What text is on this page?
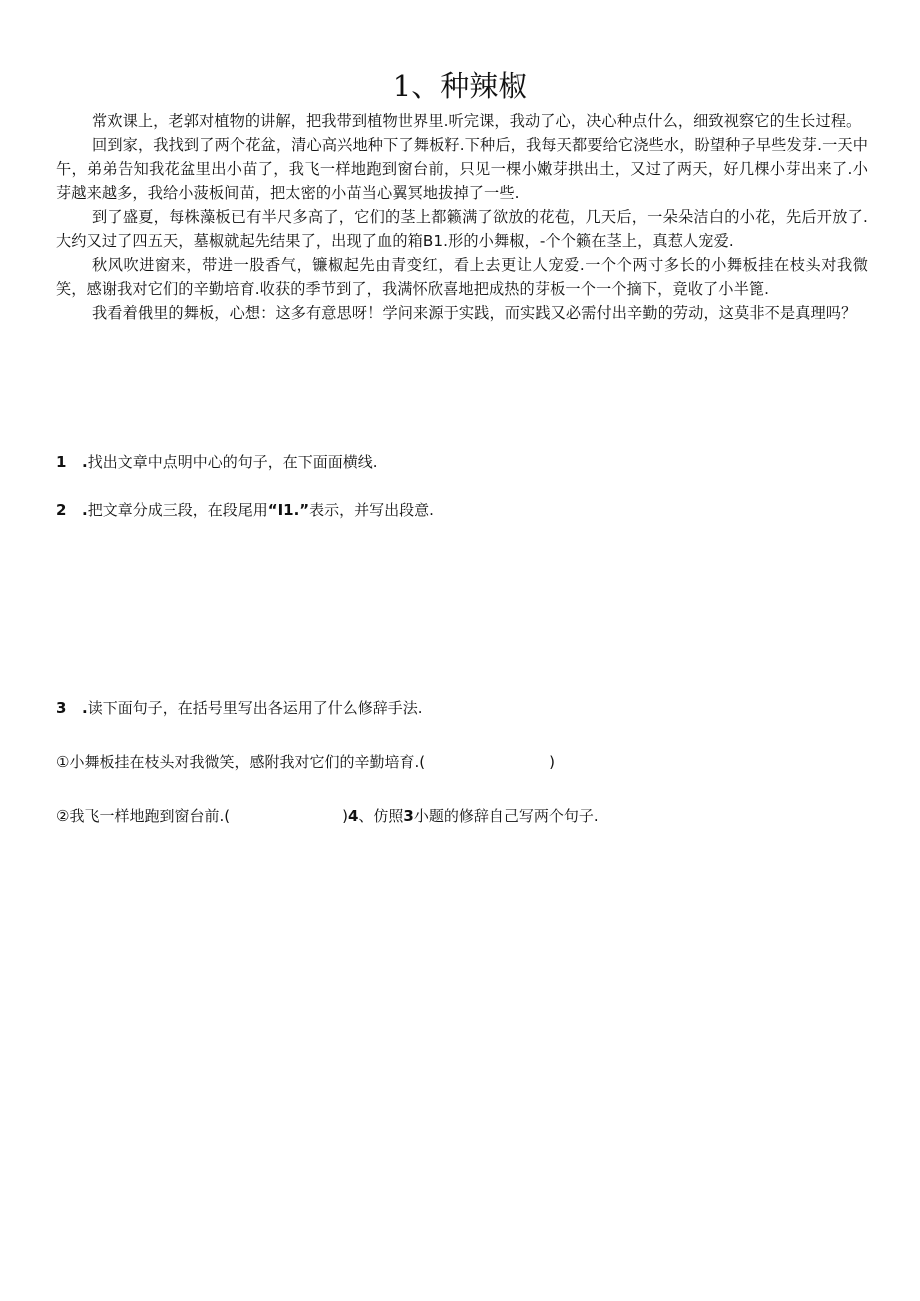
1、种辣椒

常欢课上，老郭对植物的讲解，把我带到植物世界里.听完课，我动了心，决心种点什么，细致视察它的生长过程。

回到家，我找到了两个花盆，清心高兴地种下了舞板籽.下种后，我每天都要给它浇些水，盼望种子早些发芽.一天中午，弟弟告知我花盆里出小苗了，我飞一样地跑到窗台前，只见一棵小嫩芽拱出土，又过了两天，好几棵小芽出来了.小芽越来越多，我给小菠板间苗，把太密的小苗当心翼冥地拔掉了一些.

到了盛夏，每株藻板已有半尺多高了，它们的茎上都籁满了欲放的花苞，几天后，一朵朵洁白的小花，先后开放了.大约又过了四五天，墓椒就起先结果了，出现了血的箱B1.形的小舞椒，-个个籁在茎上，真惹人宠爱.

秋风吹进窗来，带进一股香气，镰椒起先由青变红，看上去更让人宠爱.一个个两寸多长的小舞板挂在枝头对我微笑，感谢我对它们的辛勤培育.收获的季节到了，我满怀欣喜地把成热的芽板一个一个摘下，竟收了小半篦.

我看着俄里的舞板，心想：这多有意思呀！学问来源于实践，而实践又必需付出辛勤的劳动，这莫非不是真理吗？

1 .找出文章中点明中心的句子，在下面面横线.
2 .把文章分成三段，在段尾用“I1.”表示，并写出段意.
3 .读下面句子，在括号里写出各运用了什么修辞手法.
①小舞板挂在枝头对我微笑，感附我对它们的辛勤培育.(	)
②我飞一样地跑到窗台前.(	)4、仿照3小题的修辞自己写两个句子.
